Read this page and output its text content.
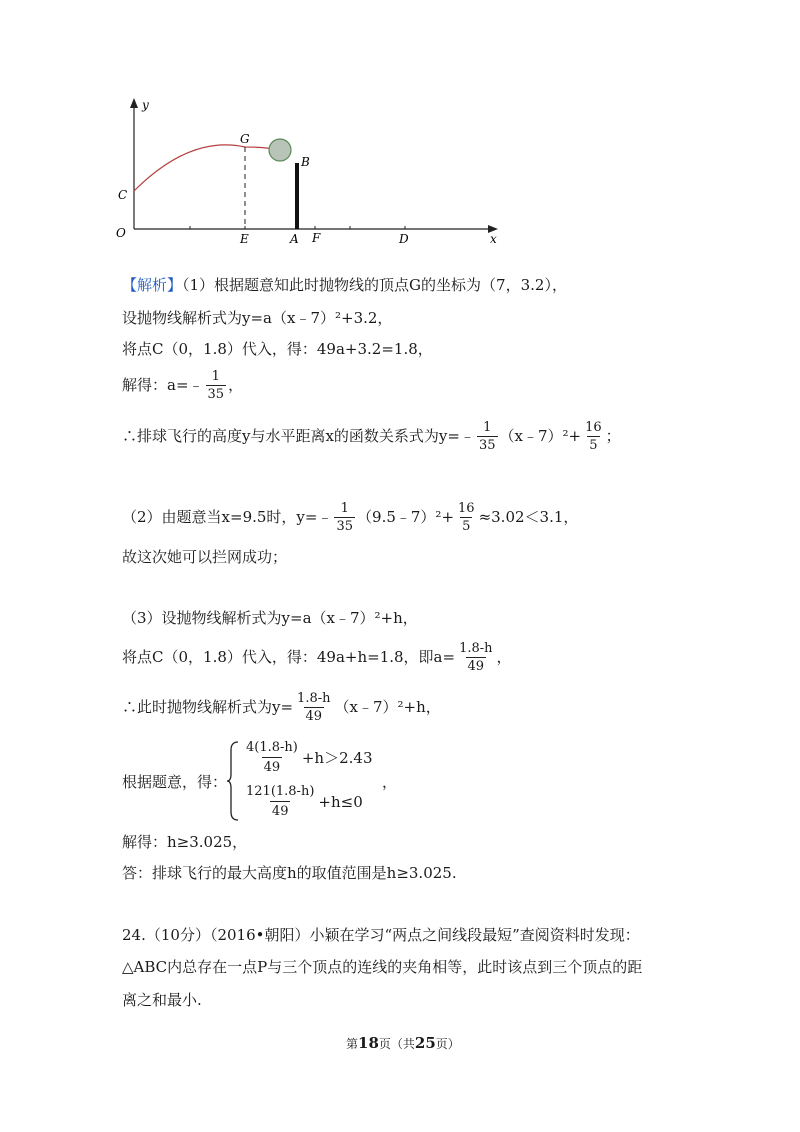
y
x
O
C
G
B
E	A F	D
【解析】（1）根据题意知此时抛物线的顶点G的坐标为（7，3.2），
设抛物线解析式为y=a（x﹣7）²+3.2，
将点C（0，1.8）代入，得：49a+3.2=1.8，
解得：a=﹣ $\frac{1}{35}$ ，
∴排球飞行的高度y与水平距离x的函数关系式为y=﹣ $\frac{1}{35}$ （x﹣7）²+ $\frac{16}{5}$ ；
（2）由题意当x=9.5时，y=﹣ $\frac{1}{35}$ （9.5﹣7）²+ $\frac{16}{5} \approx 3.02<3.1$，
故这次她可以拦网成功；
（3）设抛物线解析式为y=a（x﹣7）²+h，
将点C（0，1.8）代入，得：49a+h=1.8，即$a= \frac{1.8-h}{49}$ ，
∴此时抛物线解析式为$y= \frac{1.8-h}{49}$ （x﹣7）²+h，
根据题意，得：
$\frac{4(1.8-h)}{49} +h>2.43$
$\frac{121(1.8-h)}{49} +h\le 0$
，
解得：h≥3.025，
答：排球飞行的最大高度h的取值范围是h≥3.025.
24.（10分）（2016•朝阳）小颖在学习“两点之间线段最短”查阅资料时发现：
△ABC内总存在一点P与三个顶点的连线的夹角相等，此时该点到三个顶点的距
离之和最小.
第18页（共25页）
